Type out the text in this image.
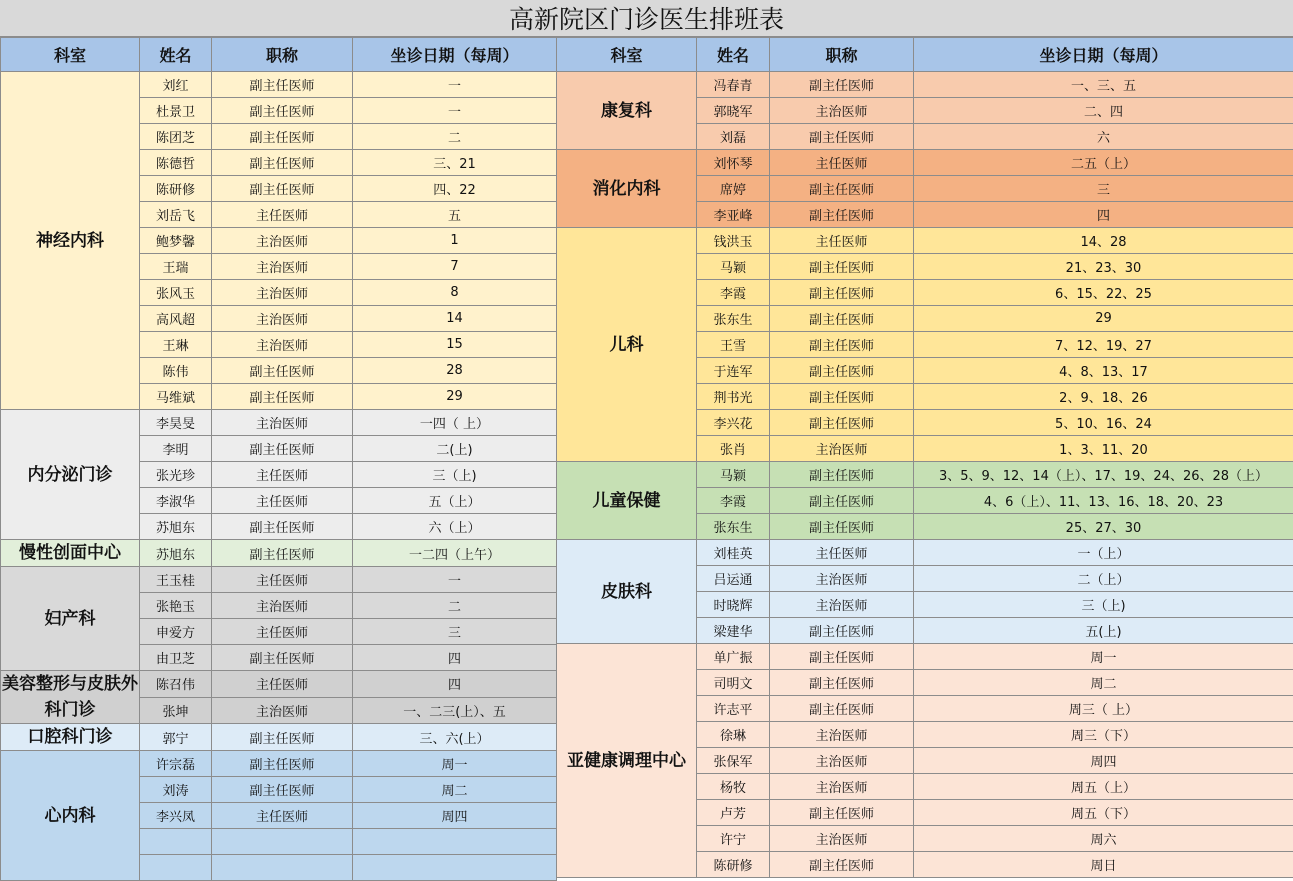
高新院区门诊医生排班表
科室	姓名	职称	坐诊日期（每周）
神经内科	刘红	副主任医师	一
	杜景卫	副主任医师	一
	陈团芝	副主任医师	二
	陈德哲	副主任医师	三、21
	陈研修	副主任医师	四、22
	刘岳飞	主任医师	五
	鲍梦馨	主治医师	1
	王瑞	主治医师	7
	张风玉	主治医师	8
	高风超	主治医师	14
	王琳	主治医师	15
	陈伟	副主任医师	28
	马维斌	副主任医师	29
内分泌门诊	李昊旻	主治医师	一四（ 上）
	李明	副主任医师	二(上)
	张光珍	主任医师	三（上)
	李淑华	主任医师	五（上）
	苏旭东	副主任医师	六（上）
慢性创面中心	苏旭东	副主任医师	一二四（上午）
妇产科	王玉桂	主任医师	一
	张艳玉	主治医师	二
	申爱方	主任医师	三
	由卫芝	副主任医师	四
美容整形与皮肤外科门诊	陈召伟	主任医师	四
	张坤	主治医师	一、二三(上）、五
口腔科门诊	郭宁	副主任医师	三、六(上）
心内科	许宗磊	副主任医师	周一
	刘涛	副主任医师	周二
	李兴凤	主任医师	周四

科室	姓名	职称	坐诊日期（每周）
康复科	冯春青	副主任医师	一、三、五
	郭晓军	主治医师	二、四
	刘磊	副主任医师	六
消化内科	刘怀琴	主任医师	二五（上）
	席婷	副主任医师	三
	李亚峰	副主任医师	四
儿科	钱洪玉	主任医师	14、28
	马颖	副主任医师	21、23、30
	李霞	副主任医师	6、15、22、25
	张东生	副主任医师	29
	王雪	副主任医师	7、12、19、27
	于连军	副主任医师	4、8、13、17
	荆书光	副主任医师	2、9、18、26
	李兴花	副主任医师	5、10、16、24
	张肖	主治医师	1、3、11、20
儿童保健	马颖	副主任医师	3、5、9、12、14（上）、17、19、24、26、28（上）
	李霞	副主任医师	4、6（上）、11、13、16、18、20、23
	张东生	副主任医师	25、27、30
皮肤科	刘桂英	主任医师	一（上）
	吕运通	主治医师	二（上）
	时晓辉	主治医师	三（上)
	梁建华	副主任医师	五(上)
亚健康调理中心	单广振	副主任医师	周一
	司明文	副主任医师	周二
	许志平	副主任医师	周三（ 上）
	徐琳	主治医师	周三（下）
	张保军	主治医师	周四
	杨牧	主治医师	周五（上）
	卢芳	副主任医师	周五（下）
	许宁	主治医师	周六
	陈研修	副主任医师	周日
